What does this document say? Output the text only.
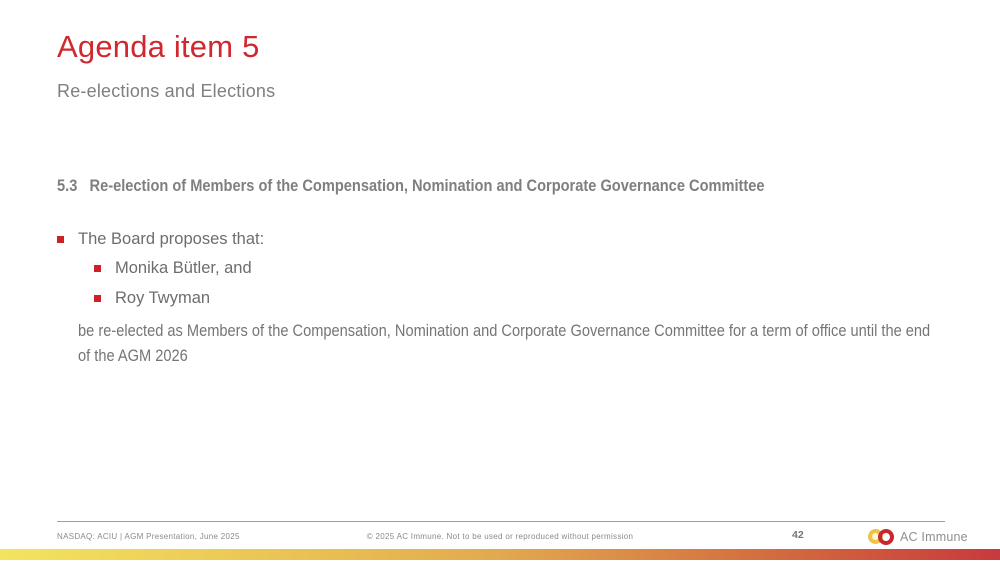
Agenda item 5
Re-elections and Elections
5.3   Re-election of Members of the Compensation, Nomination and Corporate Governance Committee
The Board proposes that:
Monika Bütler, and
Roy Twyman
be re-elected as Members of the Compensation, Nomination and Corporate Governance Committee for a term of office until the end of the AGM 2026
NASDAQ: ACIU | AGM Presentation, June 2025	© 2025 AC Immune. Not to be used or reproduced without permission	42	AC Immune
